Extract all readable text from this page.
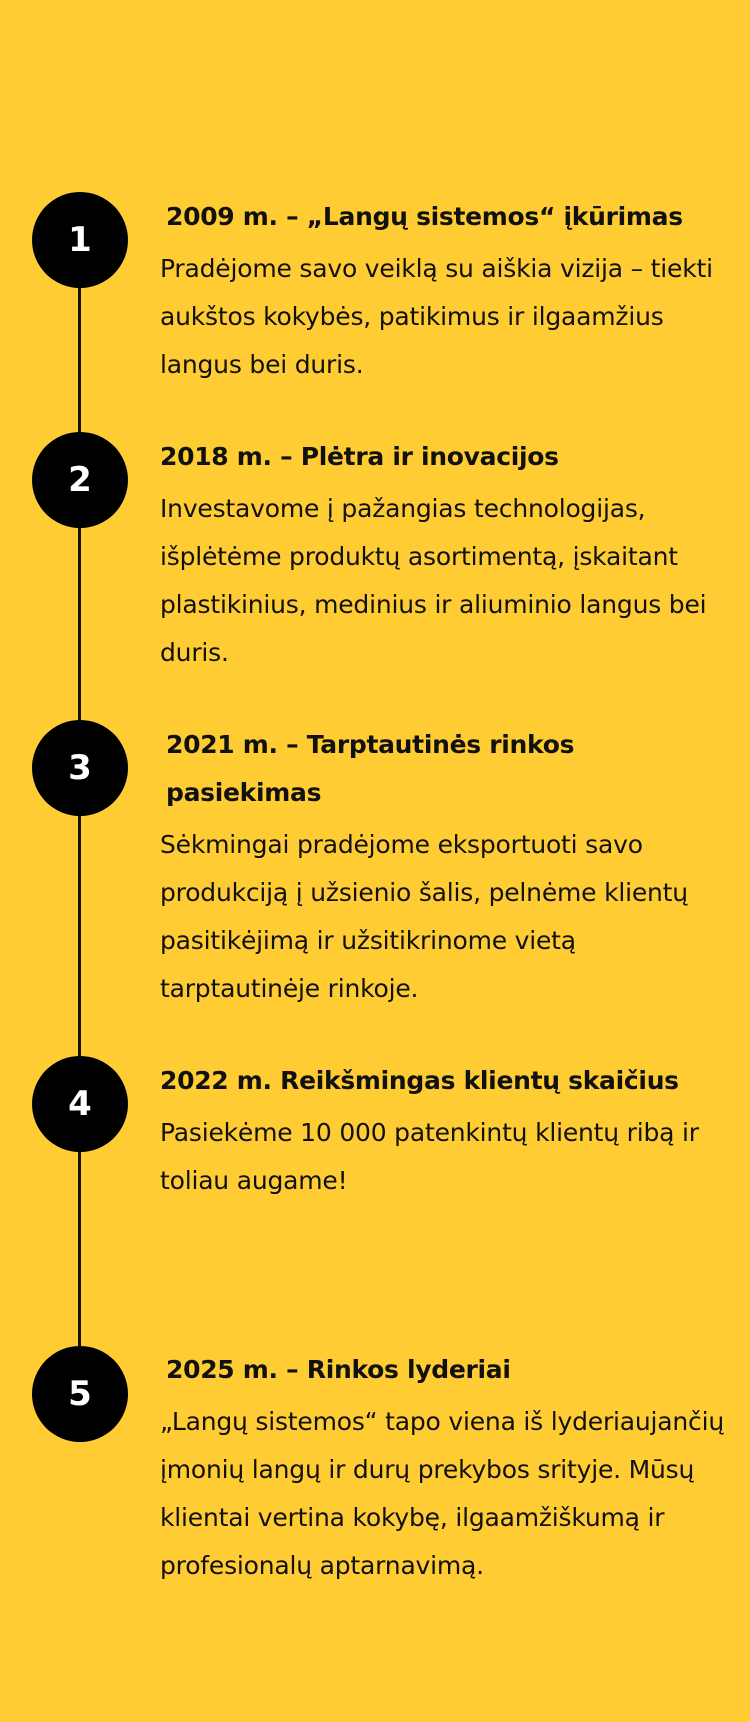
1
2009 m. – „Langų sistemos“ įkūrimas

Pradėjome savo veiklą su aiškia vizija – tiekti aukštos kokybės, patikimus ir ilgaamžius langus bei duris.

2
2018 m. – Plėtra ir inovacijos

Investavome į pažangias technologijas, išplėtėme produktų asortimentą, įskaitant plastikinius, medinius ir aliuminio langus bei duris.

3
2021 m. – Tarptautinės rinkos pasiekimas

Sėkmingai pradėjome eksportuoti savo produkciją į užsienio šalis, pelnėme klientų pasitikėjimą ir užsitikrinome vietą tarptautinėje rinkoje.

4
2022 m. Reikšmingas klientų skaičius

Pasiekėme 10 000 patenkintų klientų ribą ir toliau augame!

5
2025 m. – Rinkos lyderiai

„Langų sistemos“ tapo viena iš lyderiaujančių įmonių langų ir durų prekybos srityje. Mūsų klientai vertina kokybę, ilgaamžiškumą ir profesionalų aptarnavimą.
